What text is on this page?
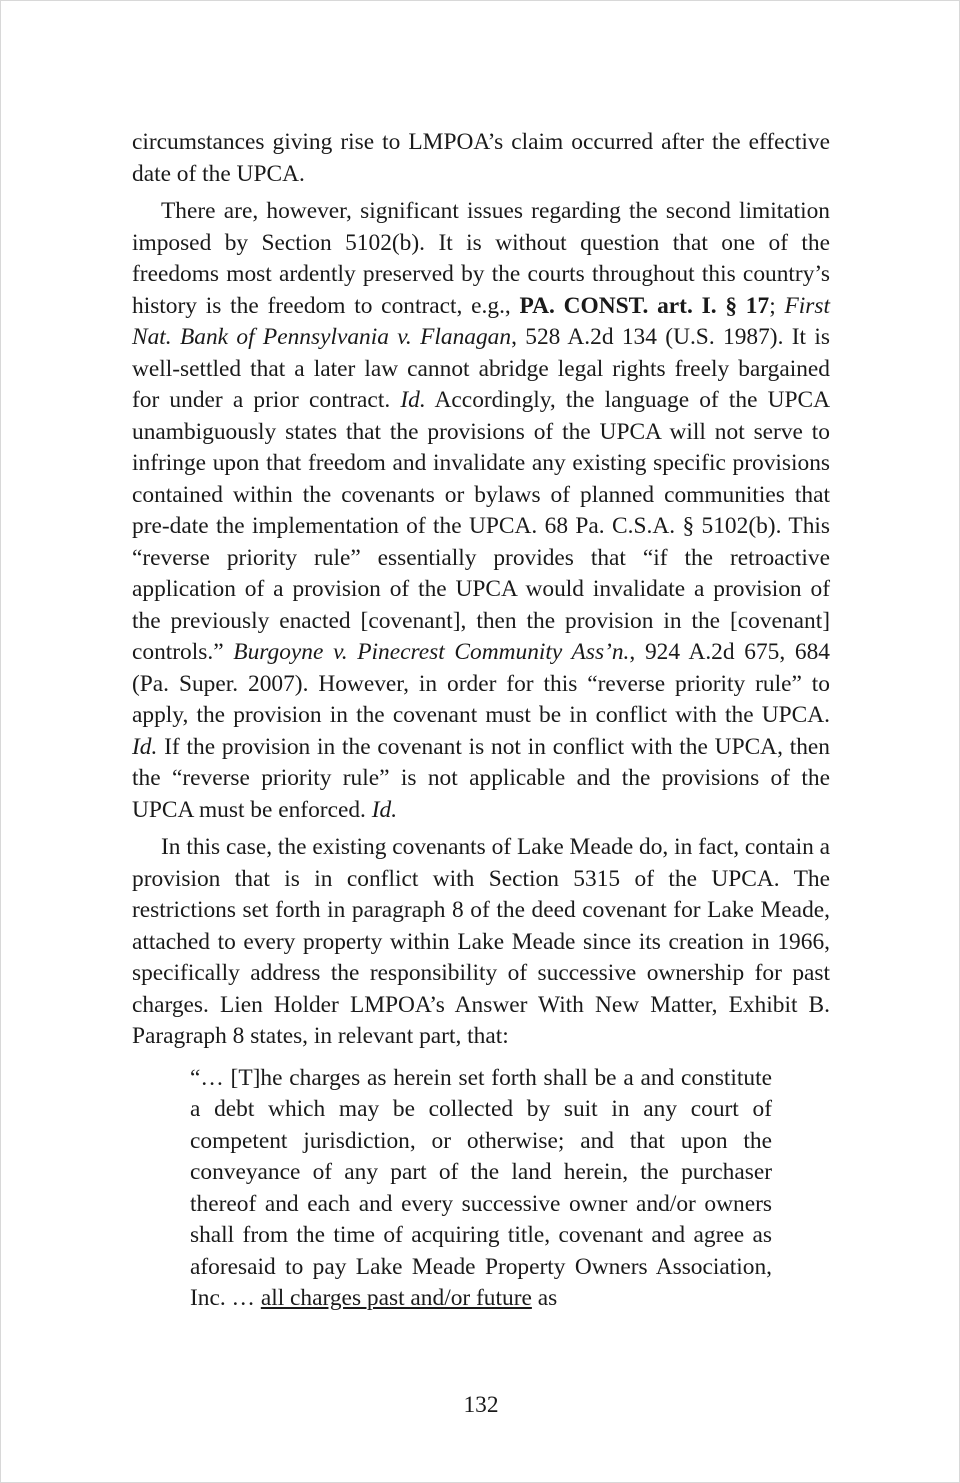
circumstances giving rise to LMPOA’s claim occurred after the effective date of the UPCA.

There are, however, significant issues regarding the second limitation imposed by Section 5102(b). It is without question that one of the freedoms most ardently preserved by the courts throughout this country’s history is the freedom to contract, e.g., PA. CONST. art. I. § 17; First Nat. Bank of Pennsylvania v. Flanagan, 528 A.2d 134 (U.S. 1987). It is well-settled that a later law cannot abridge legal rights freely bargained for under a prior contract. Id. Accordingly, the language of the UPCA unambiguously states that the provisions of the UPCA will not serve to infringe upon that freedom and invalidate any existing specific provisions contained within the covenants or bylaws of planned communities that pre-date the implementation of the UPCA. 68 Pa. C.S.A. § 5102(b). This “reverse priority rule” essentially provides that “if the retroactive application of a provision of the UPCA would invalidate a provision of the previously enacted [covenant], then the provision in the [covenant] controls.” Burgoyne v. Pinecrest Community Ass’n., 924 A.2d 675, 684 (Pa. Super. 2007). However, in order for this “reverse priority rule” to apply, the provision in the covenant must be in conflict with the UPCA. Id. If the provision in the covenant is not in conflict with the UPCA, then the “reverse priority rule” is not applicable and the provisions of the UPCA must be enforced. Id.

In this case, the existing covenants of Lake Meade do, in fact, contain a provision that is in conflict with Section 5315 of the UPCA. The restrictions set forth in paragraph 8 of the deed covenant for Lake Meade, attached to every property within Lake Meade since its creation in 1966, specifically address the responsibility of successive ownership for past charges. Lien Holder LMPOA’s Answer With New Matter, Exhibit B. Paragraph 8 states, in relevant part, that:

“… [T]he charges as herein set forth shall be a and constitute a debt which may be collected by suit in any court of competent jurisdiction, or otherwise; and that upon the conveyance of any part of the land herein, the purchaser thereof and each and every successive owner and/or owners shall from the time of acquiring title, covenant and agree as aforesaid to pay Lake Meade Property Owners Association, Inc. … all charges past and/or future as

132
